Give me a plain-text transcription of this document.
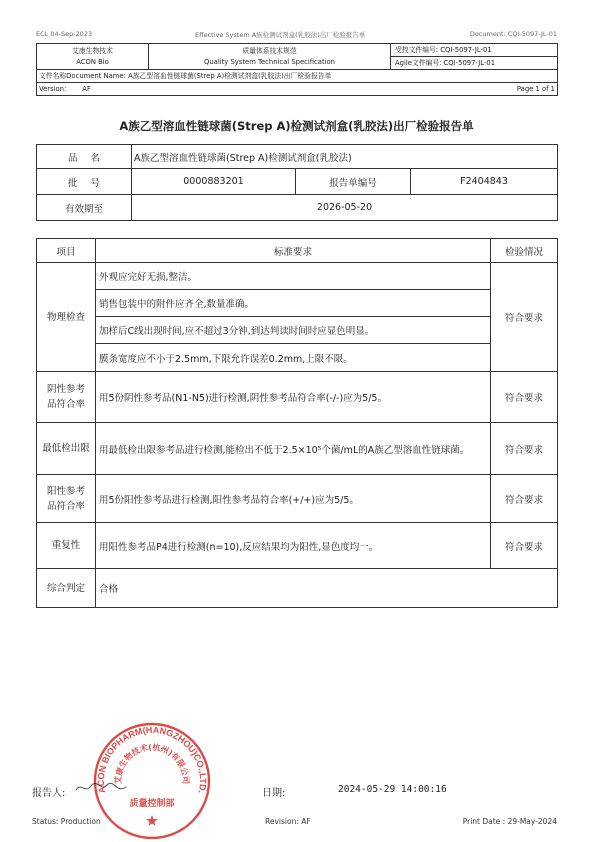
ECL 04-Sep-2023	Effective System A族检测试剂盒(乳胶法)出厂检验报告单	Document: CQI-5097-JL-01
艾康生物技术
ACON Bio

质量体系技术规范
Quality System Technical Specification

受控文件编号: CQI-5097-JL-01
Agile文件编号: CQI-5097-JL-01

文件名称Document Name: A族乙型溶血性链球菌(Strep A)检测试剂盒(乳胶法)出厂检验报告单

Version: AF	Page 1 of 1
A族乙型溶血性链球菌(Strep A)检测试剂盒(乳胶法)出厂检验报告单
品 名	A族乙型溶血性链球菌(Strep A)检测试剂盒(乳胶法)		
批 号	0000883201	报告单编号	F2404843
有效期至	2026-05-20		
项目	标准要求	检验情况
物理检查	外观应完好无损,整洁。	符合要求
	销售包装中的附件应齐全,数量准确。	
	加样后C线出现时间,应不超过3分钟,到达判读时间时应显色明显。	
	膜条宽度应不小于2.5mm,下限允许误差0.2mm,上限不限。	
阴性参考品符合率	用5份阴性参考品(N1-N5)进行检测,阴性参考品符合率(-/-)应为5/5。	符合要求
最低检出限	用最低检出限参考品进行检测,能检出不低于2.5×10⁵个菌/mL的A族乙型溶血性链球菌。	符合要求
阳性参考品符合率	用5份阳性参考品进行检测,阳性参考品符合率(+/+)应为5/5。	符合要求
重复性	用阳性参考品P4进行检测(n=10),反应结果均为阳性,显色度均一。	符合要求
综合判定	合格	
报告人:	日期:	2024-05-29 14:00:16
ACON BIOPHARM(HANGZHOU)CO.,LTD.
艾康生物技术(杭州)有限公司
质量控制部
Status: Production	Revision: AF	Print Date : 29-May-2024
